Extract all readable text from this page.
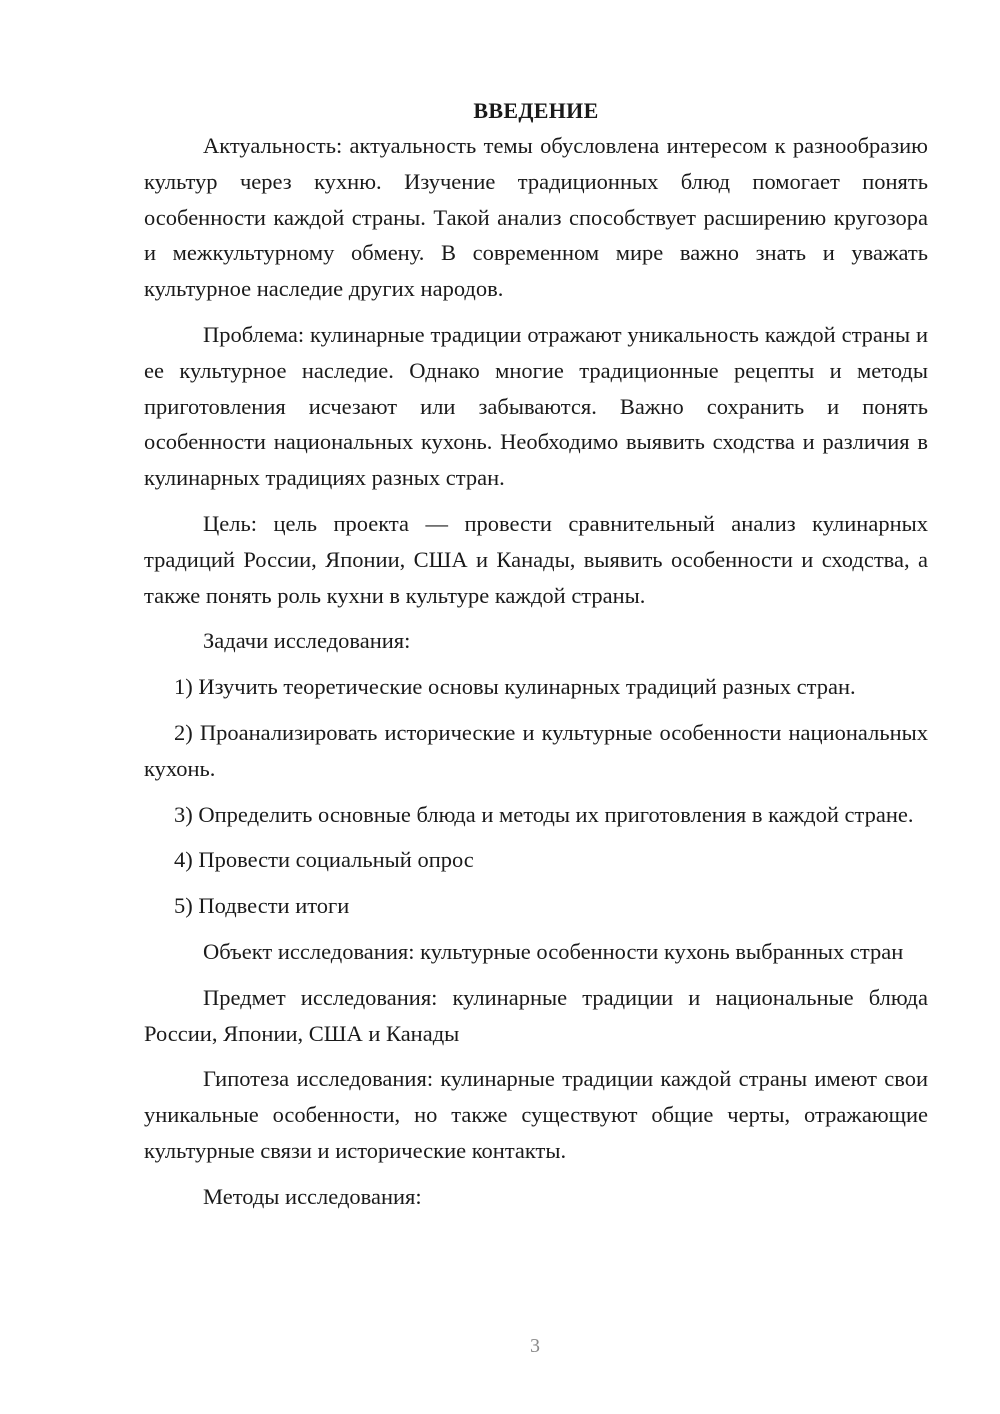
ВВЕДЕНИЕ

Актуальность: актуальность темы обусловлена интересом к разнообразию культур через кухню. Изучение традиционных блюд помогает понять особенности каждой страны. Такой анализ способствует расширению кругозора и межкультурному обмену. В современном мире важно знать и уважать культурное наследие других народов.

Проблема: кулинарные традиции отражают уникальность каждой страны и ее культурное наследие. Однако многие традиционные рецепты и методы приготовления исчезают или забываются. Важно сохранить и понять особенности национальных кухонь. Необходимо выявить сходства и различия в кулинарных традициях разных стран.

Цель: цель проекта — провести сравнительный анализ кулинарных традиций России, Японии, США и Канады, выявить особенности и сходства, а также понять роль кухни в культуре каждой страны.

Задачи исследования:

1) Изучить теоретические основы кулинарных традиций разных стран.

2) Проанализировать исторические и культурные особенности национальных кухонь.

3) Определить основные блюда и методы их приготовления в каждой стране.

4) Провести социальный опрос

5) Подвести итоги

Объект исследования: культурные особенности кухонь выбранных стран

Предмет исследования: кулинарные традиции и национальные блюда России, Японии, США и Канады

Гипотеза исследования: кулинарные традиции каждой страны имеют свои уникальные особенности, но также существуют общие черты, отражающие культурные связи и исторические контакты.

Методы исследования:

3
